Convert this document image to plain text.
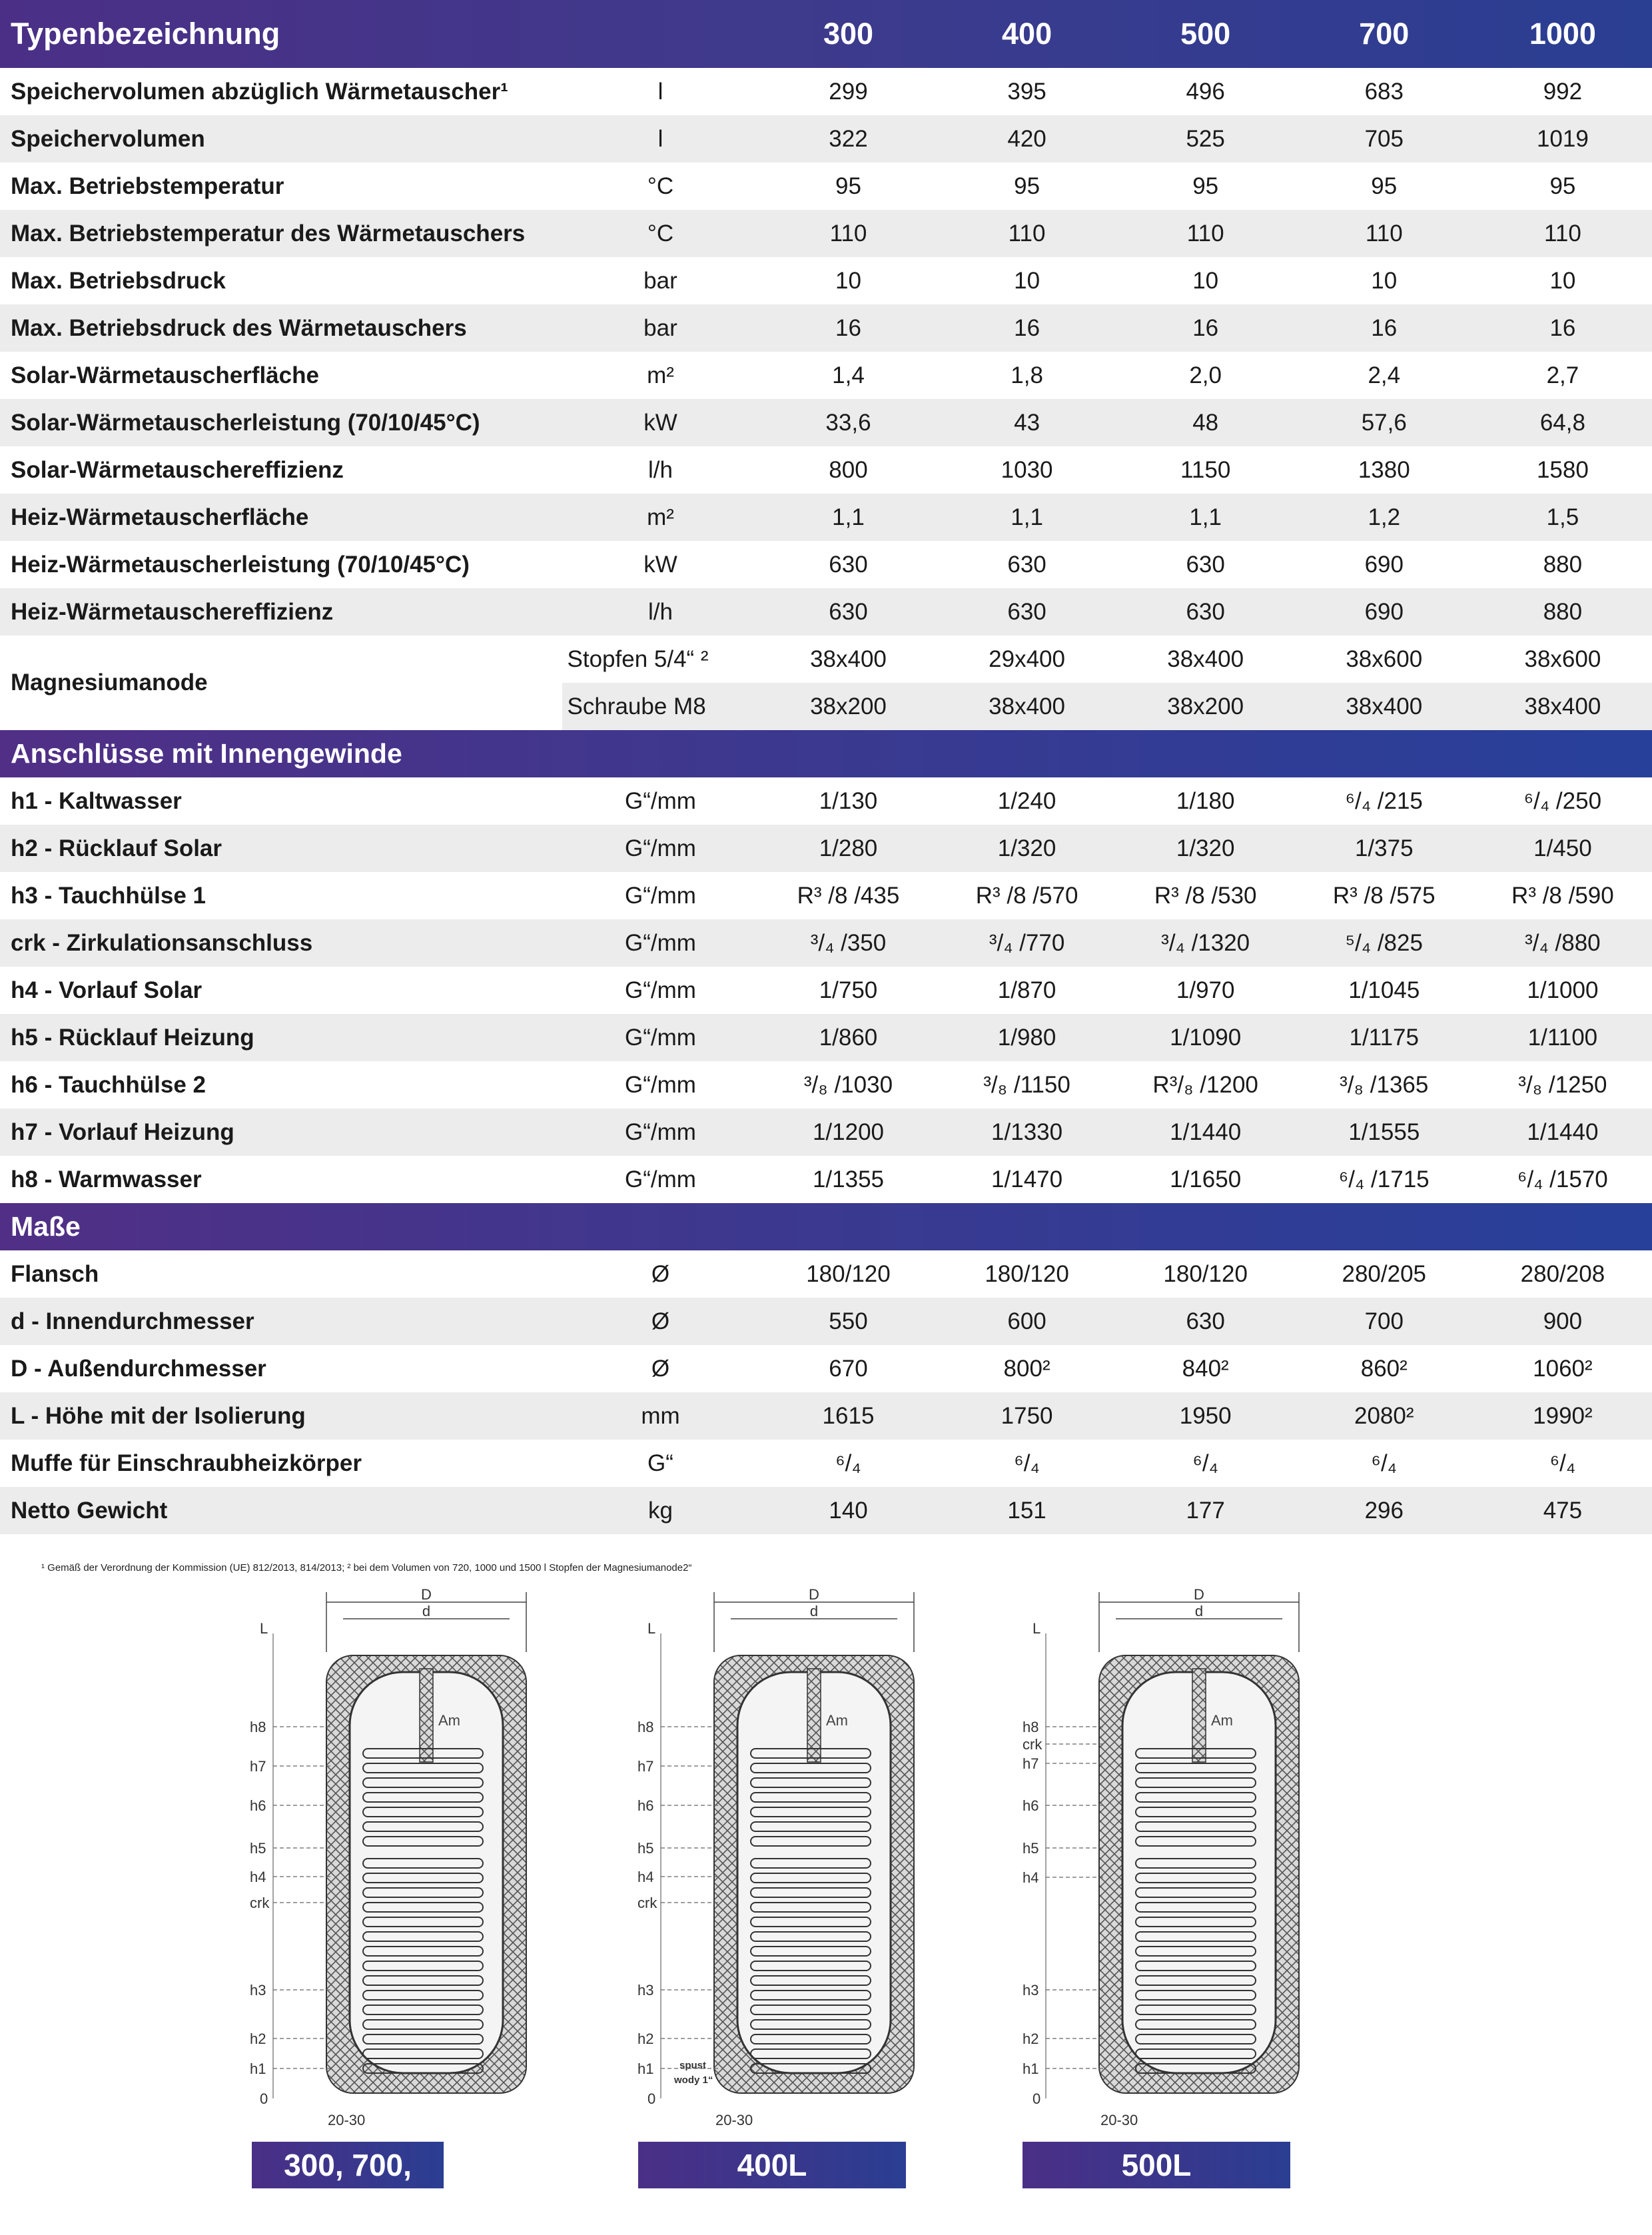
Typenbezeichnung		300	400	500	700	1000
Speichervolumen abzüglich Wärmetauscher¹	l	299	395	496	683	992
Speichervolumen	l	322	420	525	705	1019
Max. Betriebstemperatur	°C	95	95	95	95	95
Max. Betriebstemperatur des Wärmetauschers	°C	110	110	110	110	110
Max. Betriebsdruck	bar	10	10	10	10	10
Max. Betriebsdruck des Wärmetauschers	bar	16	16	16	16	16
Solar-Wärmetauscherfläche	m²	1,4	1,8	2,0	2,4	2,7
Solar-Wärmetauscherleistung (70/10/45°C)	kW	33,6	43	48	57,6	64,8
Solar-Wärmetauschereffizienz	l/h	800	1030	1150	1380	1580
Heiz-Wärmetauscherfläche	m²	1,1	1,1	1,1	1,2	1,5
Heiz-Wärmetauscherleistung (70/10/45°C)	kW	630	630	630	690	880
Heiz-Wärmetauschereffizienz	l/h	630	630	630	690	880
Magnesiumanode	Stopfen 5/4“ ²	38x400	29x400	38x400	38x600	38x600
	Schraube M8	38x200	38x400	38x200	38x400	38x400
Anschlüsse mit Innengewinde						
h1 - Kaltwasser	G“/mm	1/130	1/240	1/180	⁶/₄ /215	⁶/₄ /250
h2 - Rücklauf Solar	G“/mm	1/280	1/320	1/320	1/375	1/450
h3 - Tauchhülse 1	G“/mm	R³ /8 /435	R³ /8 /570	R³ /8 /530	R³ /8 /575	R³ /8 /590
crk - Zirkulationsanschluss	G“/mm	³/₄ /350	³/₄ /770	³/₄ /1320	⁵/₄ /825	³/₄ /880
h4 - Vorlauf Solar	G“/mm	1/750	1/870	1/970	1/1045	1/1000
h5 - Rücklauf Heizung	G“/mm	1/860	1/980	1/1090	1/1175	1/1100
h6 - Tauchhülse 2	G“/mm	³/₈ /1030	³/₈ /1150	R³/₈ /1200	³/₈ /1365	³/₈ /1250
h7 - Vorlauf Heizung	G“/mm	1/1200	1/1330	1/1440	1/1555	1/1440
h8 - Warmwasser	G“/mm	1/1355	1/1470	1/1650	⁶/₄ /1715	⁶/₄ /1570
Maße						
Flansch	Ø	180/120	180/120	180/120	280/205	280/208
d - Innendurchmesser	Ø	550	600	630	700	900
D - Außendurchmesser	Ø	670	800²	840²	860²	1060²
L - Höhe mit der Isolierung	mm	1615	1750	1950	2080²	1990²
Muffe für Einschraubheizkörper	G“	⁶/₄	⁶/₄	⁶/₄	⁶/₄	⁶/₄
Netto Gewicht	kg	140	151	177	296	475
¹ Gemäß der Verordnung der Kommission (UE) 812/2013, 814/2013; ² bei dem Volumen von 720, 1000 und 1500 l Stopfen der Magnesiumanode2“
D
d
Am
L
h8
h7
h6
h5
h4
crk
h3
h2
h1
0
20-30
D
d
Am
L
h8
h7
h6
h5
h4
crk
h3
h2
h1
0
20-30
spust
wody 1“
D
d
Am
L
h8
crk
h7
h6
h5
h4
h3
h2
h1
0
20-30
300, 700, 1000L
400L	500L
